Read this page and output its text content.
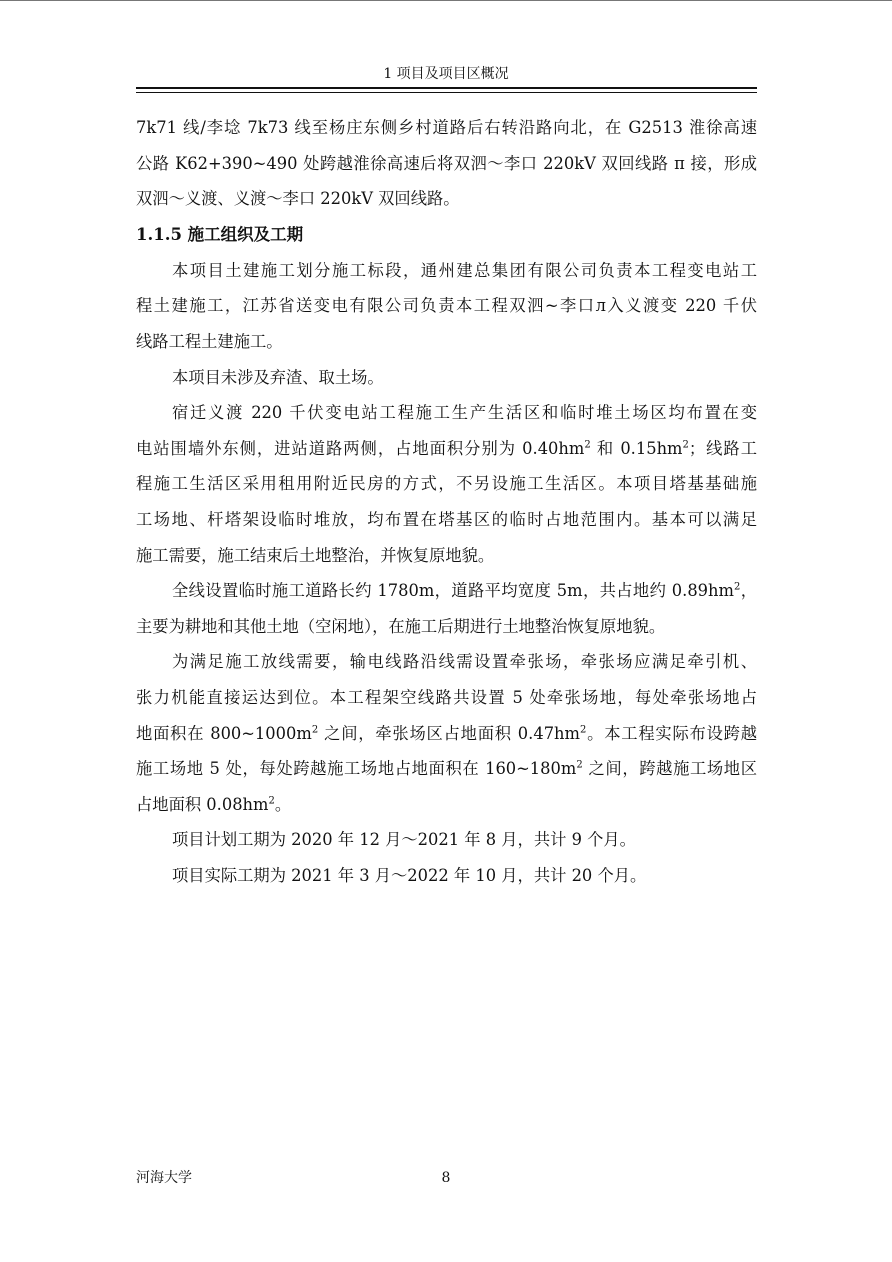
1 项目及项目区概况
7k71 线/李埝 7k73 线至杨庄东侧乡村道路后右转沿路向北，在 G2513 淮徐高速
公路 K62+390~490 处跨越淮徐高速后将双泗～李口 220kV 双回线路 π 接，形成
双泗～义渡、义渡～李口 220kV 双回线路。
1.1.5 施工组织及工期
本项目土建施工划分施工标段，通州建总集团有限公司负责本工程变电站工
程土建施工，江苏省送变电有限公司负责本工程双泗~李口л入义渡变 220 千伏
线路工程土建施工。
本项目未涉及弃渣、取土场。
宿迁义渡 220 千伏变电站工程施工生产生活区和临时堆土场区均布置在变
电站围墙外东侧，进站道路两侧，占地面积分别为 $0.40hm^2$ 和 $0.15hm^2$；线路工
程施工生活区采用租用附近民房的方式，不另设施工生活区。本项目塔基基础施
工场地、杆塔架设临时堆放，均布置在塔基区的临时占地范围内。基本可以满足
施工需要，施工结束后土地整治，并恢复原地貌。
全线设置临时施工道路长约 1780m，道路平均宽度 5m，共占地约 $0.89hm^2$，
主要为耕地和其他土地（空闲地），在施工后期进行土地整治恢复原地貌。
为满足施工放线需要，输电线路沿线需设置牵张场，牵张场应满足牵引机、
张力机能直接运达到位。本工程架空线路共设置 5 处牵张场地，每处牵张场地占
地面积在 $800\sim 1000m^2$ 之间，牵张场区占地面积 $0.47hm^2$。本工程实际布设跨越
施工场地 5 处，每处跨越施工场地占地面积在 $160\sim 180m^2$ 之间，跨越施工场地区
占地面积 $0.08hm^2$。
项目计划工期为 2020 年 12 月～2021 年 8 月，共计 9 个月。
项目实际工期为 2021 年 3 月～2022 年 10 月，共计 20 个月。
河海大学	8
